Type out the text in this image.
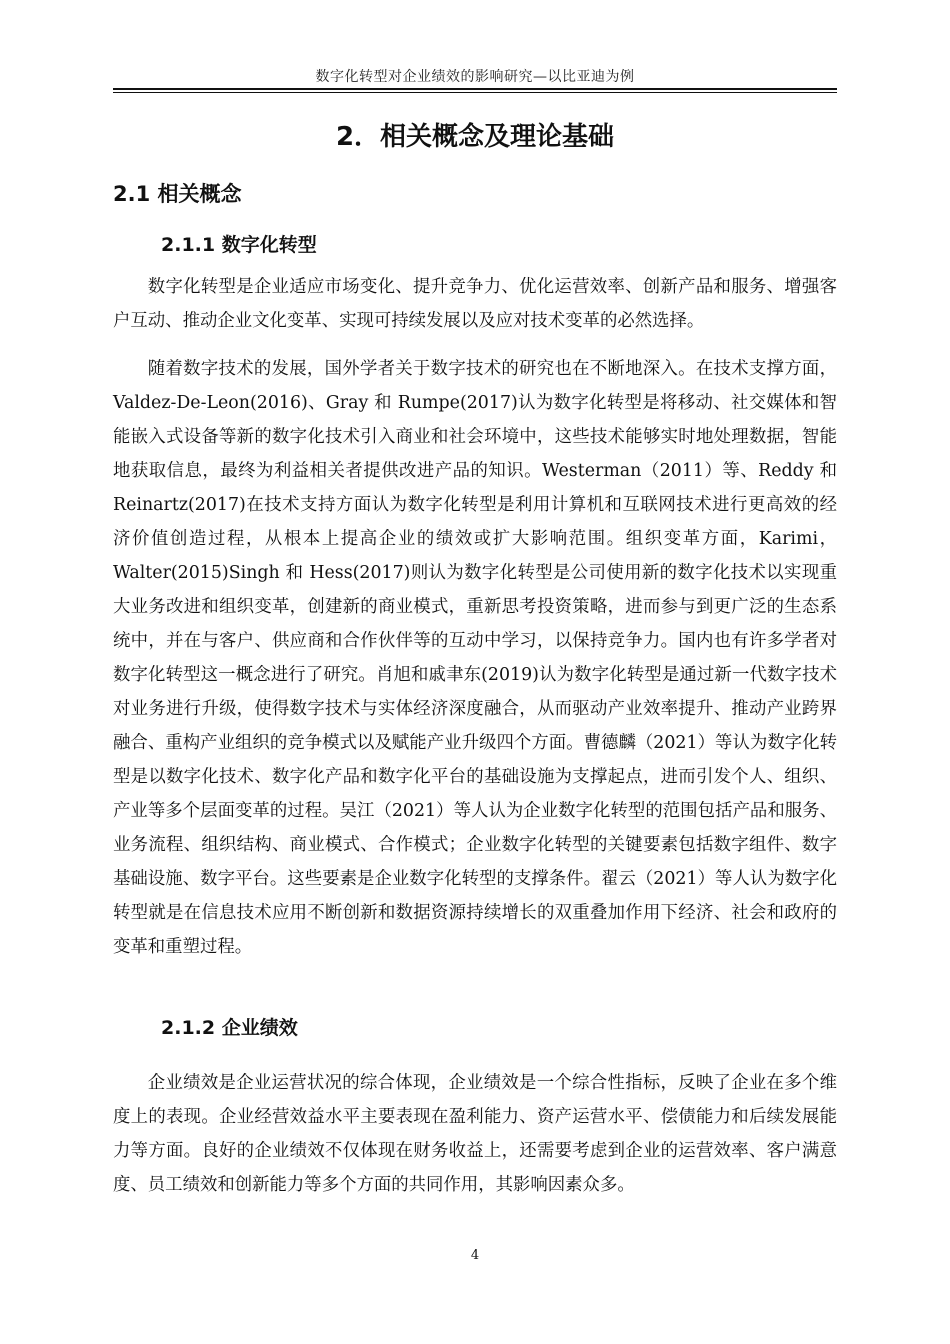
数字化转型对企业绩效的影响研究—以比亚迪为例
2．相关概念及理论基础
2.1 相关概念
2.1.1 数字化转型

数字化转型是企业适应市场变化、提升竞争力、优化运营效率、创新产品和服务、增强客户互动、推动企业文化变革、实现可持续发展以及应对技术变革的必然选择。

随着数字技术的发展，国外学者关于数字技术的研究也在不断地深入。在技术支撑方面，Valdez-De-Leon(2016)、Gray 和 Rumpe(2017)认为数字化转型是将移动、社交媒体和智能嵌入式设备等新的数字化技术引入商业和社会环境中，这些技术能够实时地处理数据，智能地获取信息，最终为利益相关者提供改进产品的知识。Westerman（2011）等、Reddy 和 Reinartz(2017)在技术支持方面认为数字化转型是利用计算机和互联网技术进行更高效的经济价值创造过程，从根本上提高企业的绩效或扩大影响范围。组织变革方面，Karimi，Walter(2015)Singh 和 Hess(2017)则认为数字化转型是公司使用新的数字化技术以实现重大业务改进和组织变革，创建新的商业模式，重新思考投资策略，进而参与到更广泛的生态系统中，并在与客户、供应商和合作伙伴等的互动中学习，以保持竞争力。国内也有许多学者对数字化转型这一概念进行了研究。肖旭和戚聿东(2019)认为数字化转型是通过新一代数字技术对业务进行升级，使得数字技术与实体经济深度融合，从而驱动产业效率提升、推动产业跨界融合、重构产业组织的竞争模式以及赋能产业升级四个方面。曹德麟（2021）等认为数字化转型是以数字化技术、数字化产品和数字化平台的基础设施为支撑起点，进而引发个人、组织、产业等多个层面变革的过程。吴江（2021）等人认为企业数字化转型的范围包括产品和服务、业务流程、组织结构、商业模式、合作模式；企业数字化转型的关键要素包括数字组件、数字基础设施、数字平台。这些要素是企业数字化转型的支撑条件。翟云（2021）等人认为数字化转型就是在信息技术应用不断创新和数据资源持续增长的双重叠加作用下经济、社会和政府的变革和重塑过程。

2.1.2 企业绩效

企业绩效是企业运营状况的综合体现，企业绩效是一个综合性指标，反映了企业在多个维度上的表现。企业经营效益水平主要表现在盈利能力、资产运营水平、偿债能力和后续发展能力等方面。良好的企业绩效不仅体现在财务收益上，还需要考虑到企业的运营效率、客户满意度、员工绩效和创新能力等多个方面的共同作用，其影响因素众多。

4
